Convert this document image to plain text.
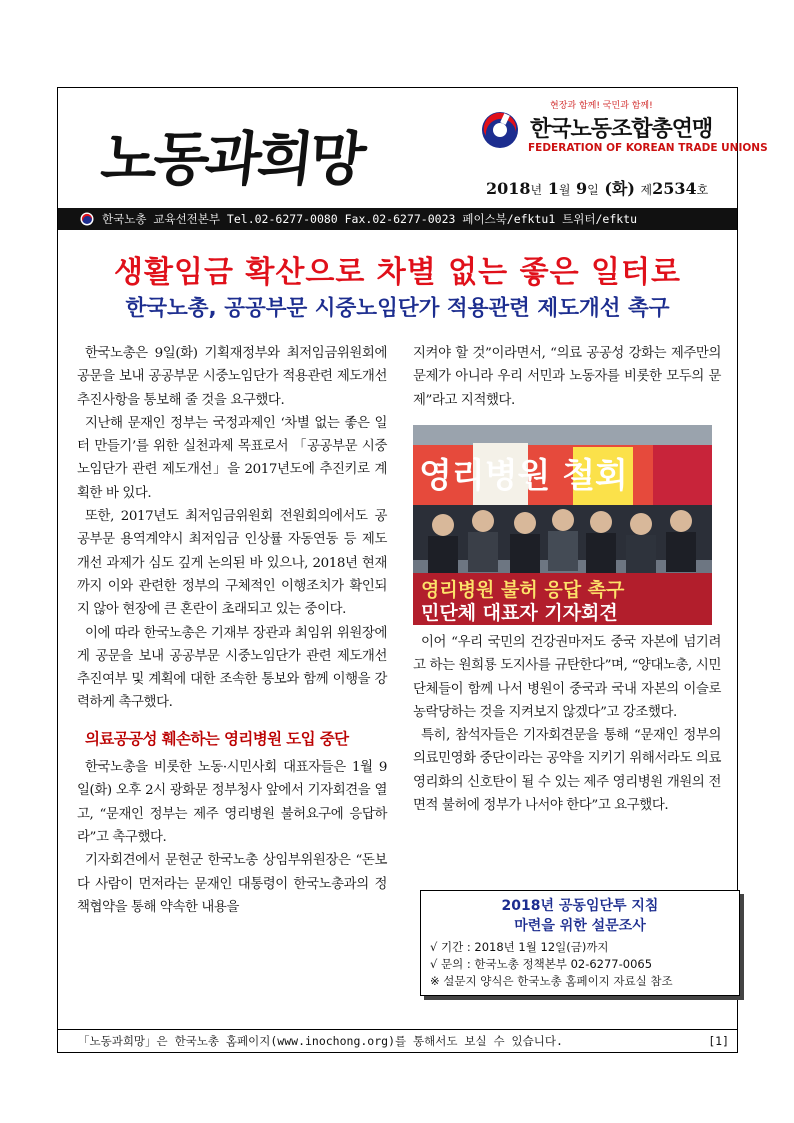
노동과희망
현장과 함께! 국민과 함께!
한국노동조합총연맹
FEDERATION OF KOREAN TRADE UNIONS
2018년 1월 9일 (화) 제2534호
한국노총 교육선전본부 Tel.02-6277-0080 Fax.02-6277-0023 페이스북/efktu1 트위터/efktu
생활임금 확산으로 차별 없는 좋은 일터로
한국노총, 공공부문 시중노임단가 적용관련 제도개선 촉구

한국노총은 9일(화) 기획재정부와 최저임금위원회에 공문을 보내 공공부문 시중노임단가 적용관련 제도개선 추진사항을 통보해 줄 것을 요구했다.

지난해 문재인 정부는 국정과제인 ‘차별 없는 좋은 일터 만들기’를 위한 실천과제 목표로서 「공공부문 시중노임단가 관련 제도개선」을 2017년도에 추진키로 계획한 바 있다.

또한, 2017년도 최저임금위원회 전원회의에서도 공공부문 용역계약시 최저임금 인상률 자동연동 등 제도개선 과제가 심도 깊게 논의된 바 있으나, 2018년 현재까지 이와 관련한 정부의 구체적인 이행조치가 확인되지 않아 현장에 큰 혼란이 초래되고 있는 중이다.

이에 따라 한국노총은 기재부 장관과 최임위 위원장에게 공문을 보내 공공부문 시중노임단가 관련 제도개선 추진여부 및 계획에 대한 조속한 통보와 함께 이행을 강력하게 촉구했다.

의료공공성 훼손하는 영리병원 도입 중단

한국노총을 비롯한 노동·시민사회 대표자들은 1월 9일(화) 오후 2시 광화문 정부청사 앞에서 기자회견을 열고, “문재인 정부는 제주 영리병원 불허요구에 응답하라”고 촉구했다.

기자회견에서 문현군 한국노총 상임부위원장은 “돈보다 사람이 먼저라는 문재인 대통령이 한국노총과의 정책협약을 통해 약속한 내용을

지켜야 할 것”이라면서, “의료 공공성 강화는 제주만의 문제가 아니라 우리 서민과 노동자를 비롯한 모두의 문제”라고 지적했다.

영리병원 철회
영리병원 불허 응답 촉구
민단체 대표자 기자회견

이어 “우리 국민의 건강권마저도 중국 자본에 넘기려고 하는 원희룡 도지사를 규탄한다”며, “양대노총, 시민단체들이 함께 나서 병원이 중국과 국내 자본의 이슬로 농락당하는 것을 지켜보지 않겠다”고 강조했다.

특히, 참석자들은 기자회견문을 통해 “문재인 정부의 의료민영화 중단이라는 공약을 지키기 위해서라도 의료 영리화의 신호탄이 될 수 있는 제주 영리병원 개원의 전면적 불허에 정부가 나서야 한다”고 요구했다.

2018년 공동임단투 지침
마련을 위한 설문조사
√ 기간 : 2018년 1월 12일(금)까지
√ 문의 : 한국노총 정책본부 02-6277-0065
※ 설문지 양식은 한국노총 홈페이지 자료실 참조
「노동과희망」은 한국노총 홈페이지(www.inochong.org)를 통해서도 보실 수 있습니다.	[1]
